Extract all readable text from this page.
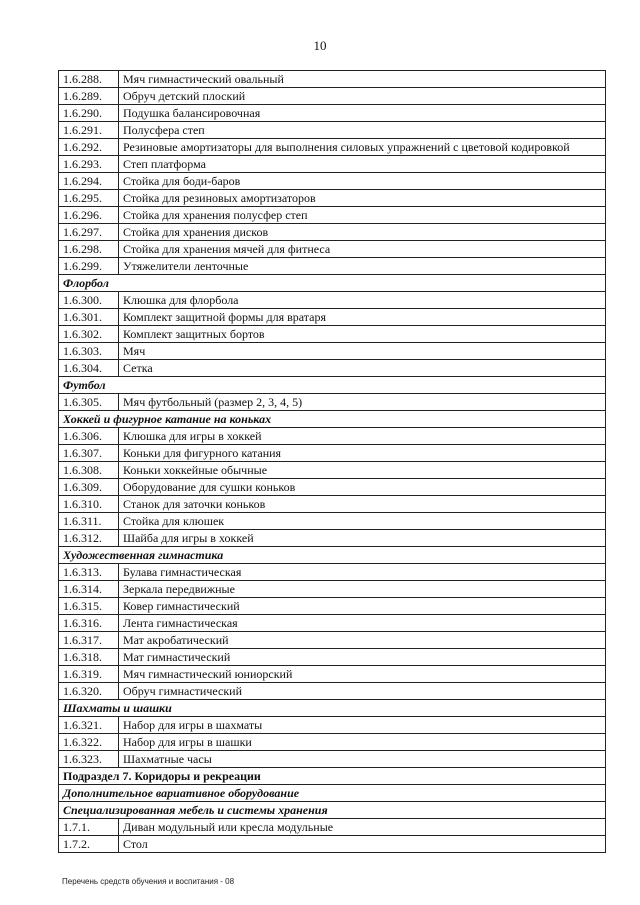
10
1.6.288.	Мяч гимнастический овальный
1.6.289.	Обруч детский плоский
1.6.290.	Подушка балансировочная
1.6.291.	Полусфера степ
1.6.292.	Резиновые амортизаторы для выполнения силовых упражнений с цветовой кодировкой
1.6.293.	Степ платформа
1.6.294.	Стойка для боди-баров
1.6.295.	Стойка для резиновых амортизаторов
1.6.296.	Стойка для хранения полусфер степ
1.6.297.	Стойка для хранения дисков
1.6.298.	Стойка для хранения мячей для фитнеса
1.6.299.	Утяжелители ленточные
Флорбол	
1.6.300.	Клюшка для флорбола
1.6.301.	Комплект защитной формы для вратаря
1.6.302.	Комплект защитных бортов
1.6.303.	Мяч
1.6.304.	Сетка
Футбол	
1.6.305.	Мяч футбольный (размер 2, 3, 4, 5)
Хоккей и фигурное катание на коньках	
1.6.306.	Клюшка для игры в хоккей
1.6.307.	Коньки для фигурного катания
1.6.308.	Коньки хоккейные обычные
1.6.309.	Оборудование для сушки коньков
1.6.310.	Станок для заточки коньков
1.6.311.	Стойка для клюшек
1.6.312.	Шайба для игры в хоккей
Художественная гимнастика	
1.6.313.	Булава гимнастическая
1.6.314.	Зеркала передвижные
1.6.315.	Ковер гимнастический
1.6.316.	Лента гимнастическая
1.6.317.	Мат акробатический
1.6.318.	Мат гимнастический
1.6.319.	Мяч гимнастический юниорский
1.6.320.	Обруч гимнастический
Шахматы и шашки	
1.6.321.	Набор для игры в шахматы
1.6.322.	Набор для игры в шашки
1.6.323.	Шахматные часы
Подраздел 7. Коридоры и рекреации	
Дополнительное вариативное оборудование	
Специализированная мебель и системы хранения	
1.7.1.	Диван модульный или кресла модульные
1.7.2.	Стол
Перечень средств обучения и воспитания - 08
